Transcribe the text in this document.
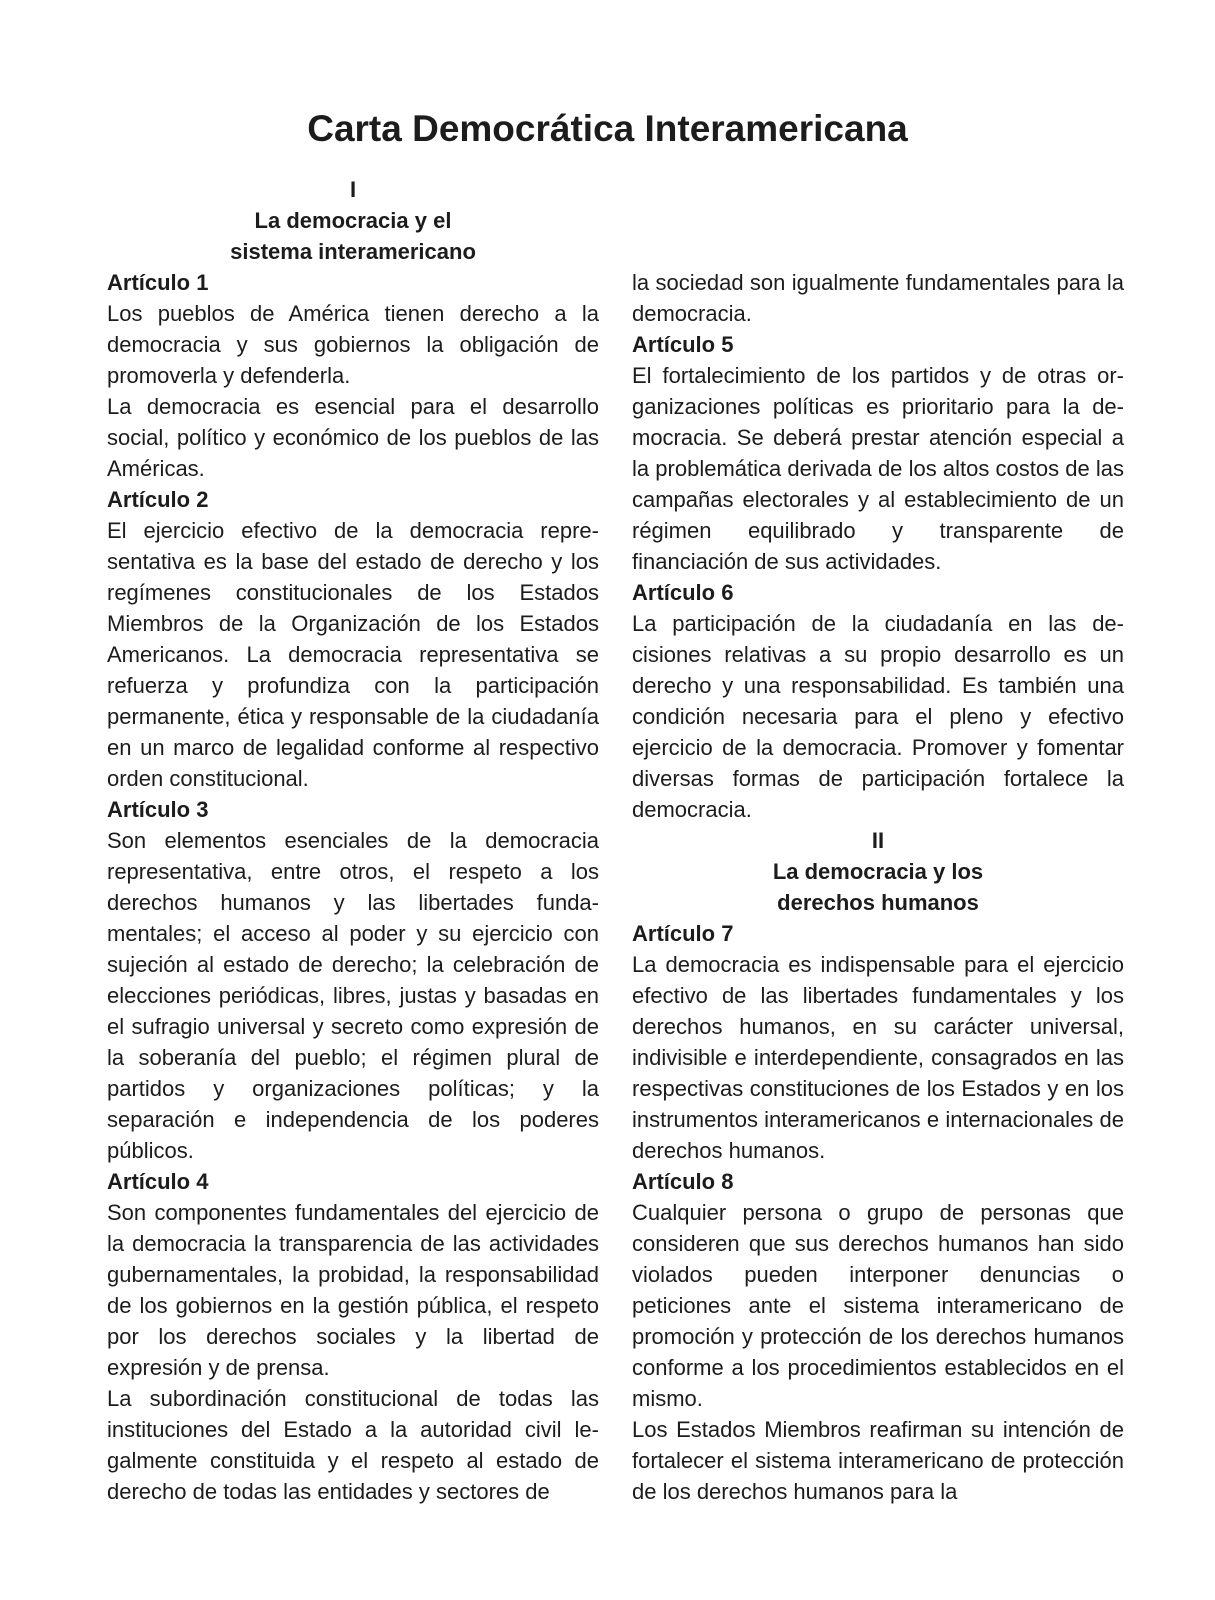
Carta Democrática Interamericana

I

La democracia y el

sistema interamericano

Artículo 1

Los pueblos de América tienen derecho a la democracia y sus gobiernos la obligación de promoverla y defenderla.

La democracia es esencial para el desarrollo social, político y económico de los pueblos de las Américas.

Artículo 2

El ejercicio efectivo de la democracia representativa es la base del estado de derecho y los regímenes constitucionales de los Estados Miembros de la Organización de los Estados Americanos. La democracia representativa se refuerza y profundiza con la participación permanente, ética y responsable de la ciudadanía en un marco de legalidad conforme al respectivo orden constitucional.

Artículo 3

Son elementos esenciales de la democracia representativa, entre otros, el respeto a los derechos humanos y las libertades fundamentales; el acceso al poder y su ejercicio con sujeción al estado de derecho; la celebración de elecciones periódicas, libres, justas y basadas en el sufragio universal y secreto como expresión de la soberanía del pueblo; el régimen plural de partidos y organizaciones políticas; y la separación e independencia de los poderes públicos.

Artículo 4

Son componentes fundamentales del ejercicio de la democracia la transparencia de las actividades gubernamentales, la probidad, la responsabilidad de los gobiernos en la gestión pública, el respeto por los derechos sociales y la libertad de expresión y de prensa.

La subordinación constitucional de todas las instituciones del Estado a la autoridad civil legalmente constituida y el respeto al estado de derecho de todas las entidades y sectores de

la sociedad son igualmente fundamentales para la democracia.

Artículo 5

El fortalecimiento de los partidos y de otras organizaciones políticas es prioritario para la democracia. Se deberá prestar atención especial a la problemática derivada de los altos costos de las campañas electorales y al establecimiento de un régimen equilibrado y transparente de financiación de sus actividades.

Artículo 6

La participación de la ciudadanía en las decisiones relativas a su propio desarrollo es un derecho y una responsabilidad. Es también una condición necesaria para el pleno y efectivo ejercicio de la democracia. Promover y fomentar diversas formas de participación fortalece la democracia.

II

La democracia y los

derechos humanos

Artículo 7

La democracia es indispensable para el ejercicio efectivo de las libertades fundamentales y los derechos humanos, en su carácter universal, indivisible e interdependiente, consagrados en las respectivas constituciones de los Estados y en los instrumentos interamericanos e internacionales de derechos humanos.

Artículo 8

Cualquier persona o grupo de personas que consideren que sus derechos humanos han sido violados pueden interponer denuncias o peticiones ante el sistema interamericano de promoción y protección de los derechos humanos conforme a los procedimientos establecidos en el mismo.

Los Estados Miembros reafirman su intención de fortalecer el sistema interamericano de protección de los derechos humanos para la
